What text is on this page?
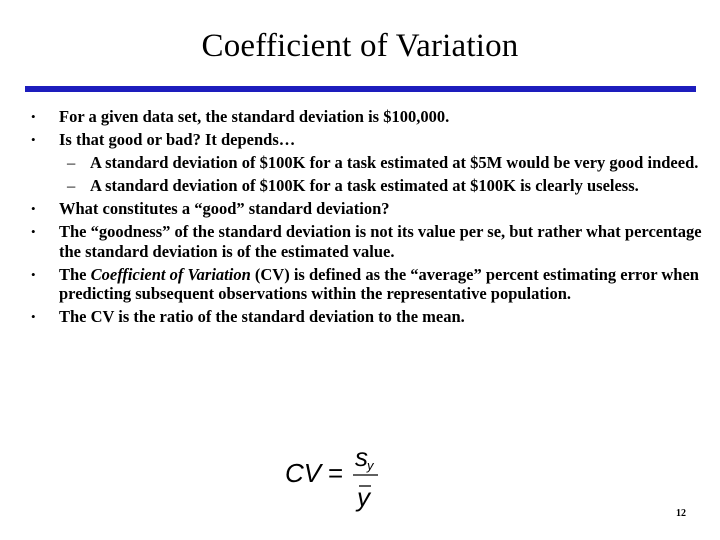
Coefficient of Variation
• For a given data set, the standard deviation is $100,000.
• Is that good or bad? It depends…
– A standard deviation of $100K for a task estimated at $5M would be very good indeed.
– A standard deviation of $100K for a task estimated at $100K is clearly useless.
• What constitutes a “good” standard deviation?
• The “goodness” of the standard deviation is not its value per se, but rather what percentage the standard deviation is of the estimated value.
• The Coefficient of Variation (CV) is defined as the “average” percent estimating error when predicting subsequent observations within the representative population.
• The CV is the ratio of the standard deviation to the mean.
CV =
s y
y
12
